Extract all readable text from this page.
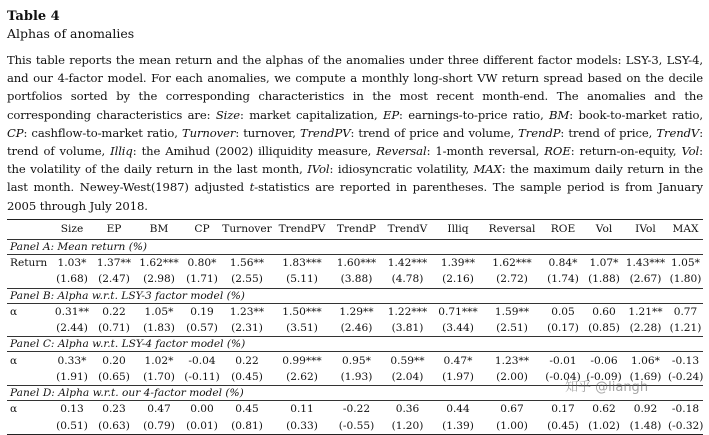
Table 4

Alphas of anomalies

This table reports the mean return and the alphas of the anomalies under three different factor models: LSY-3, LSY-4, and our 4-factor model. For each anomalies, we compute a monthly long-short VW return spread based on the decile portfolios sorted by the corresponding characteristics in the most recent month-end. The anomalies and the corresponding characteristics are: Size: market capitalization, EP: earnings-to-price ratio, BM: book-to-market ratio, CP: cashflow-to-market ratio, Turnover: turnover, TrendPV: trend of price and volume, TrendP: trend of price, TrendV: trend of volume, Illiq: the Amihud (2002) illiquidity measure, Reversal: 1-month reversal, ROE: return-on-equity, Vol: the volatility of the daily return in the last month, IVol: idiosyncratic volatility, MAX: the maximum daily return in the last month. Newey-West(1987) adjusted t-statistics are reported in parentheses. The sample period is from January 2005 through July 2018.

	Size	EP	BM	CP	Turnover	TrendPV	TrendP	TrendV	Illiq	Reversal	ROE	Vol	IVol	MAX
Panel A: Mean return (%)														
Return	1.03*	1.37**	1.62***	0.80*	1.56**	1.83***	1.60***	1.42***	1.39**	1.62***	0.84*	1.07*	1.43***	1.05*
	(1.68)	(2.47)	(2.98)	(1.71)	(2.55)	(5.11)	(3.88)	(4.78)	(2.16)	(2.72)	(1.74)	(1.88)	(2.67)	(1.80)
Panel B: Alpha w.r.t. LSY-3 factor model (%)														
α	0.31**	0.22	1.05*	0.19	1.23**	1.50***	1.29**	1.22***	0.71***	1.59**	0.05	0.60	1.21**	0.77
	(2.44)	(0.71)	(1.83)	(0.57)	(2.31)	(3.51)	(2.46)	(3.81)	(3.44)	(2.51)	(0.17)	(0.85)	(2.28)	(1.21)
Panel C: Alpha w.r.t. LSY-4 factor model (%)														
α	0.33*	0.20	1.02*	-0.04	0.22	0.99***	0.95*	0.59**	0.47*	1.23**	-0.01	-0.06	1.06*	-0.13
	(1.91)	(0.65)	(1.70)	(-0.11)	(0.45)	(2.62)	(1.93)	(2.04)	(1.97)	(2.00)	(-0.04)	(-0.09)	(1.69)	(-0.24)
Panel D: Alpha w.r.t. our 4-factor model (%)														
α	0.13	0.23	0.47	0.00	0.45	0.11	-0.22	0.36	0.44	0.67	0.17	0.62	0.92	-0.18
	(0.51)	(0.63)	(0.79)	(0.01)	(0.81)	(0.33)	(-0.55)	(1.20)	(1.39)	(1.00)	(0.45)	(1.02)	(1.48)	(-0.32)
知乎 @liangh
